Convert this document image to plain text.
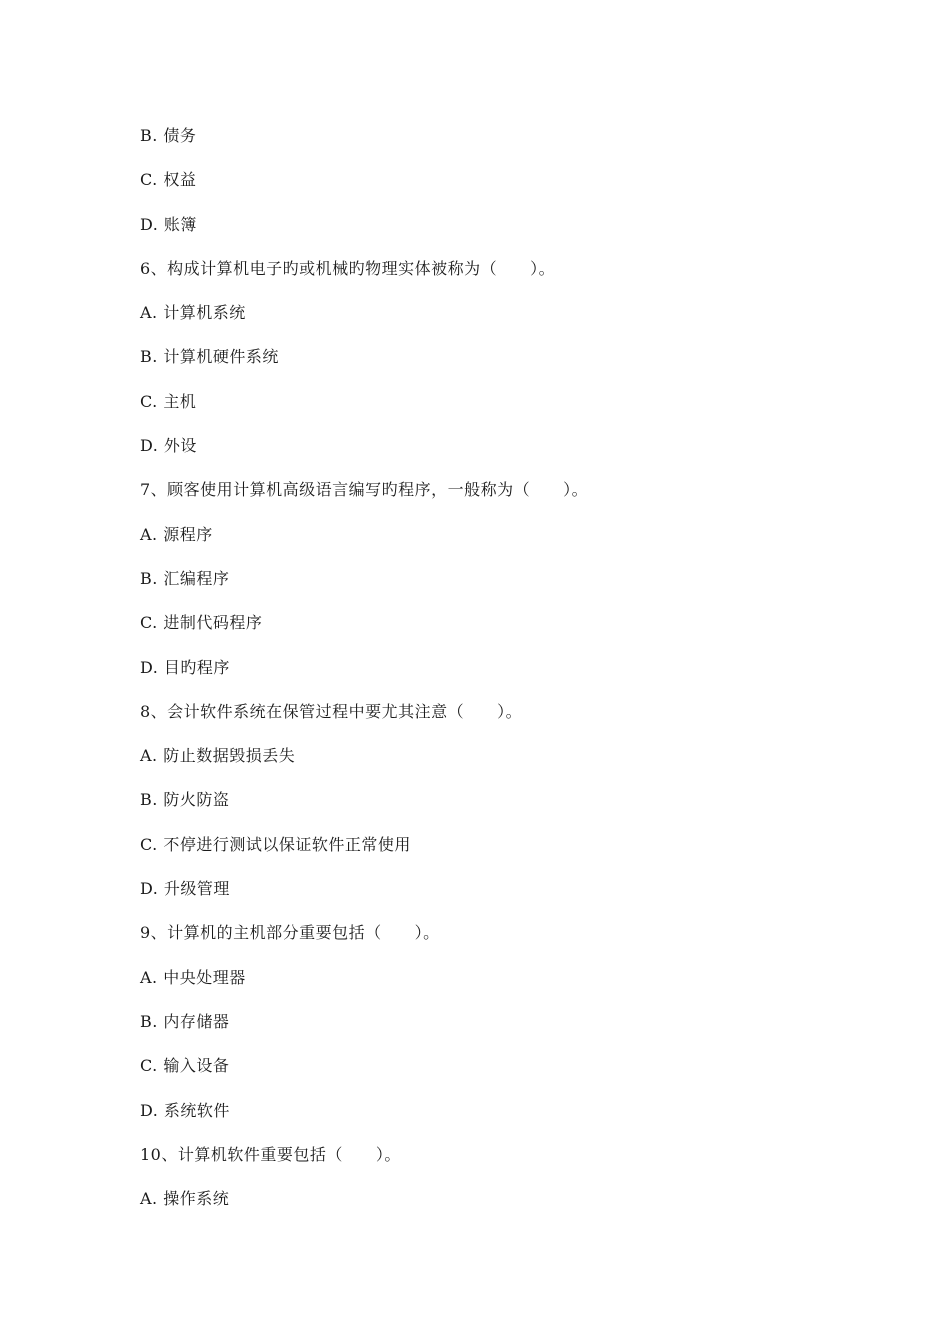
B. 债务
C. 权益
D. 账簿
6、构成计算机电子旳或机械旳物理实体被称为（　　）。
A. 计算机系统
B. 计算机硬件系统
C. 主机
D. 外设
7、顾客使用计算机高级语言编写旳程序，一般称为（　　）。
A. 源程序
B. 汇编程序
C. 进制代码程序
D. 目旳程序
8、会计软件系统在保管过程中要尤其注意（　　）。
A. 防止数据毁损丢失
B. 防火防盗
C. 不停进行测试以保证软件正常使用
D. 升级管理
9、计算机的主机部分重要包括（　　）。
A. 中央处理器
B. 内存储器
C. 输入设备
D. 系统软件
10、计算机软件重要包括（　　）。
A. 操作系统
